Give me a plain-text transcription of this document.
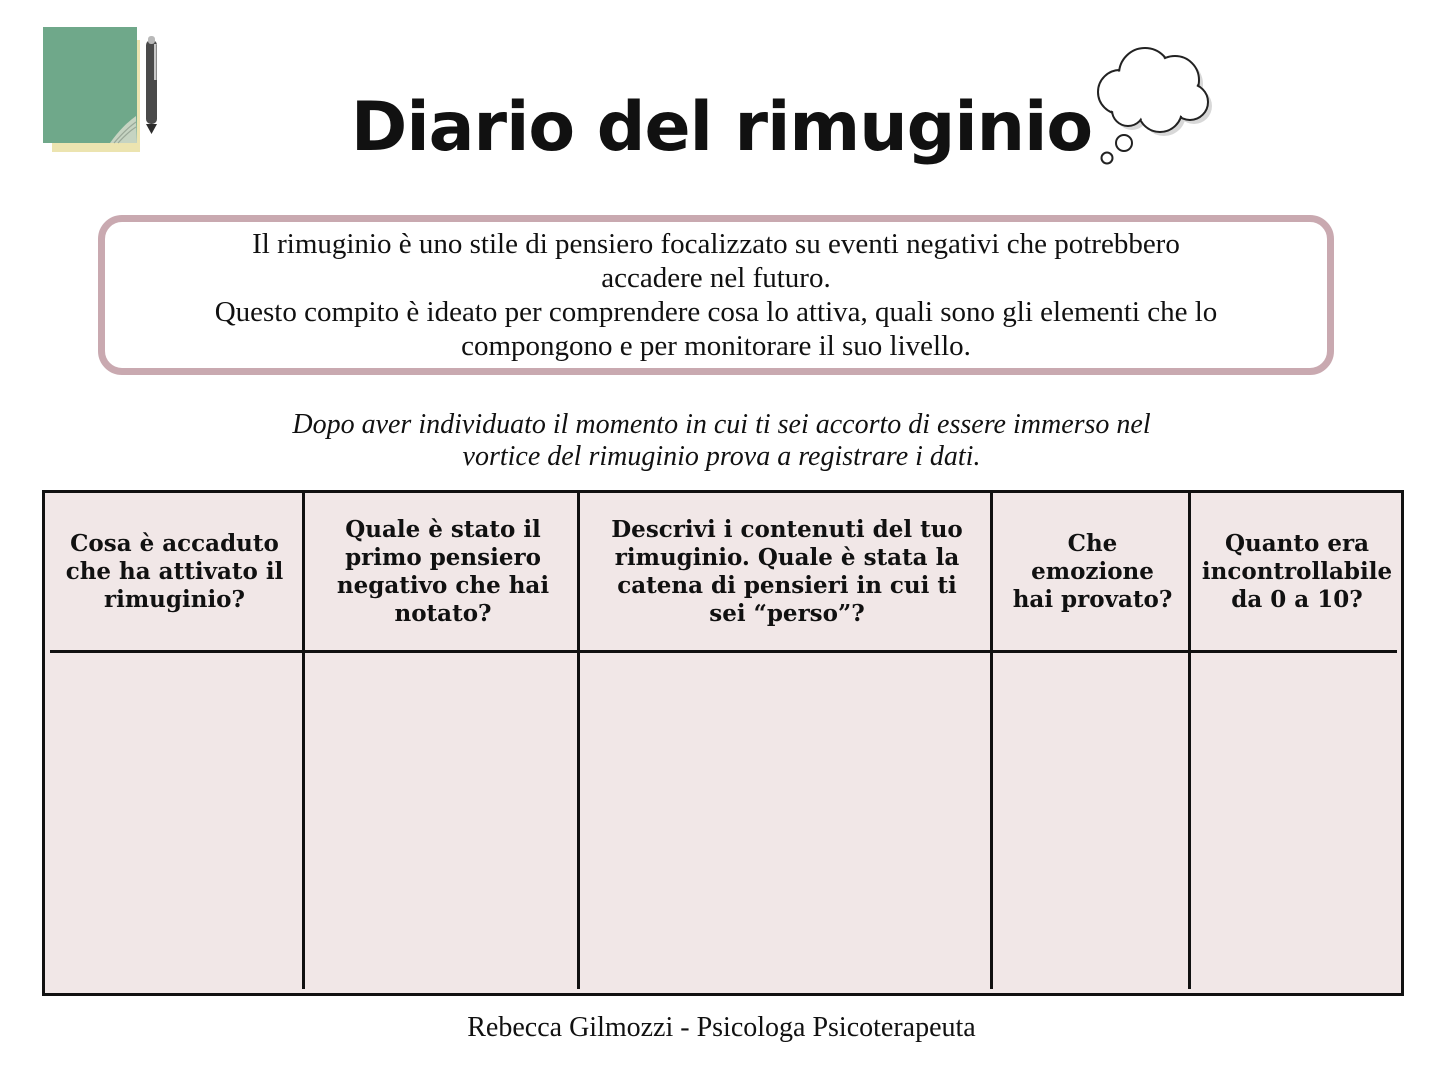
Diario del rimuginio
Il rimuginio è uno stile di pensiero focalizzato su eventi negativi che potrebbero
accadere nel futuro.
Questo compito è ideato per comprendere cosa lo attiva, quali sono gli elementi che lo
compongono e per monitorare il suo livello.
Dopo aver individuato il momento in cui ti sei accorto di essere immerso nel
vortice del rimuginio prova a registrare i dati.
Cosa è accaduto che ha attivato il rimuginio?
Quale è stato il primo pensiero negativo che hai notato?
Descrivi i contenuti del tuo rimuginio. Quale è stata la catena di pensieri in cui ti sei “perso”?
Che emozione hai provato?
Quanto era incontrollabile da 0 a 10?
Rebecca Gilmozzi - Psicologa Psicoterapeuta
